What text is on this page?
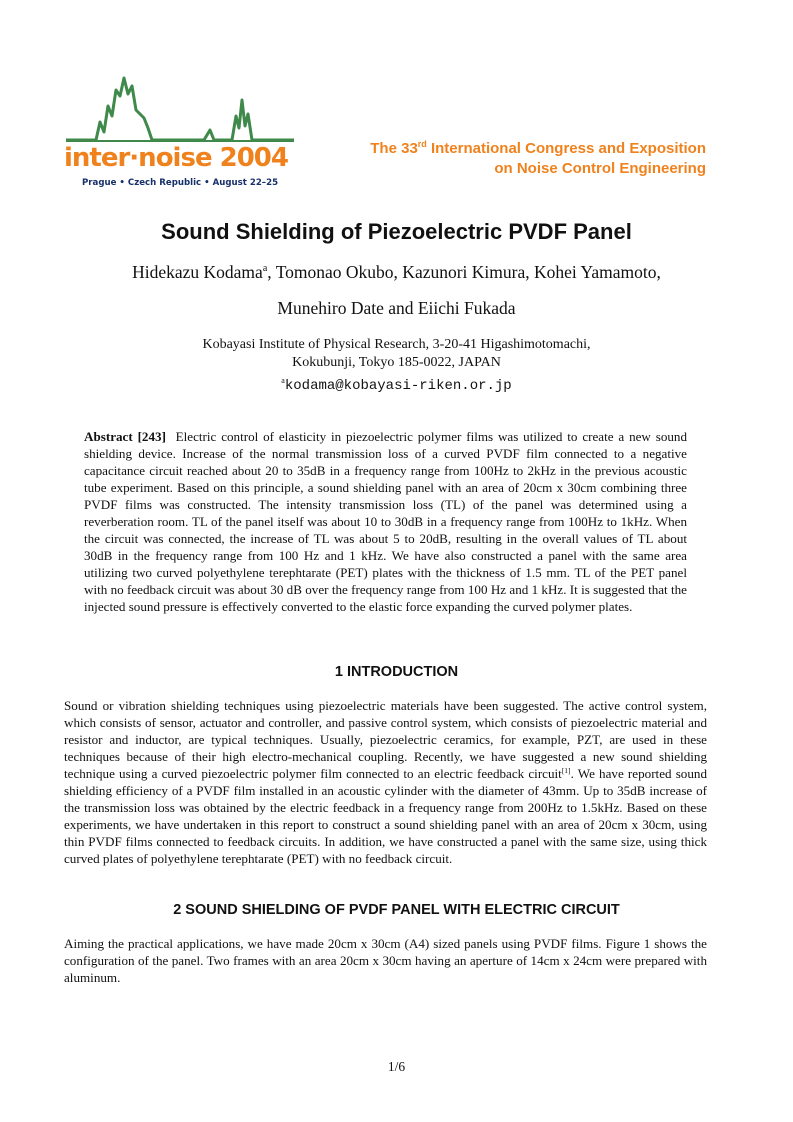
inter·noise 2004
Prague • Czech Republic • August 22–25
The 33rd International Congress and Exposition
on Noise Control Engineering
Sound Shielding of Piezoelectric PVDF Panel
Hidekazu Kodama$^a$, Tomonao Okubo, Kazunori Kimura, Kohei Yamamoto,
Munehiro Date and Eiichi Fukada
Kobayasi Institute of Physical Research, 3-20-41 Higashimotomachi,
Kokubunji, Tokyo 185-0022, JAPAN
$^a$kodama@kobayasi-riken.or.jp

Abstract [243] Electric control of elasticity in piezoelectric polymer films was utilized to create a new sound shielding device. Increase of the normal transmission loss of a curved PVDF film connected to a negative capacitance circuit reached about 20 to 35dB in a frequency range from 100Hz to 2kHz in the previous acoustic tube experiment. Based on this principle, a sound shielding panel with an area of 20cm x 30cm combining three PVDF films was constructed. The intensity transmission loss (TL) of the panel was determined using a reverberation room. TL of the panel itself was about 10 to 30dB in a frequency range from 100Hz to 1kHz. When the circuit was connected, the increase of TL was about 5 to 20dB, resulting in the overall values of TL about 30dB in the frequency range from 100 Hz and 1 kHz. We have also constructed a panel with the same area utilizing two curved polyethylene terephtarate (PET) plates with the thickness of 1.5 mm. TL of the PET panel with no feedback circuit was about 30 dB over the frequency range from 100 Hz and 1 kHz. It is suggested that the injected sound pressure is effectively converted to the elastic force expanding the curved polymer plates.

1 INTRODUCTION

Sound or vibration shielding techniques using piezoelectric materials have been suggested. The active control system, which consists of sensor, actuator and controller, and passive control system, which consists of piezoelectric material and resistor and inductor, are typical techniques. Usually, piezoelectric ceramics, for example, PZT, are used in these techniques because of their high electro-mechanical coupling. Recently, we have suggested a new sound shielding technique using a curved piezoelectric polymer film connected to an electric feedback circuit[1]. We have reported sound shielding efficiency of a PVDF film installed in an acoustic cylinder with the diameter of 43mm. Up to 35dB increase of the transmission loss was obtained by the electric feedback in a frequency range from 200Hz to 1.5kHz. Based on these experiments, we have undertaken in this report to construct a sound shielding panel with an area of 20cm x 30cm, using thin PVDF films connected to feedback circuits. In addition, we have constructed a panel with the same size, using thick curved plates of polyethylene terephtarate (PET) with no feedback circuit.

2 SOUND SHIELDING OF PVDF PANEL WITH ELECTRIC CIRCUIT

Aiming the practical applications, we have made 20cm x 30cm (A4) sized panels using PVDF films. Figure 1 shows the configuration of the panel. Two frames with an area 20cm x 30cm having an aperture of 14cm x 24cm were prepared with aluminum.

1/6
